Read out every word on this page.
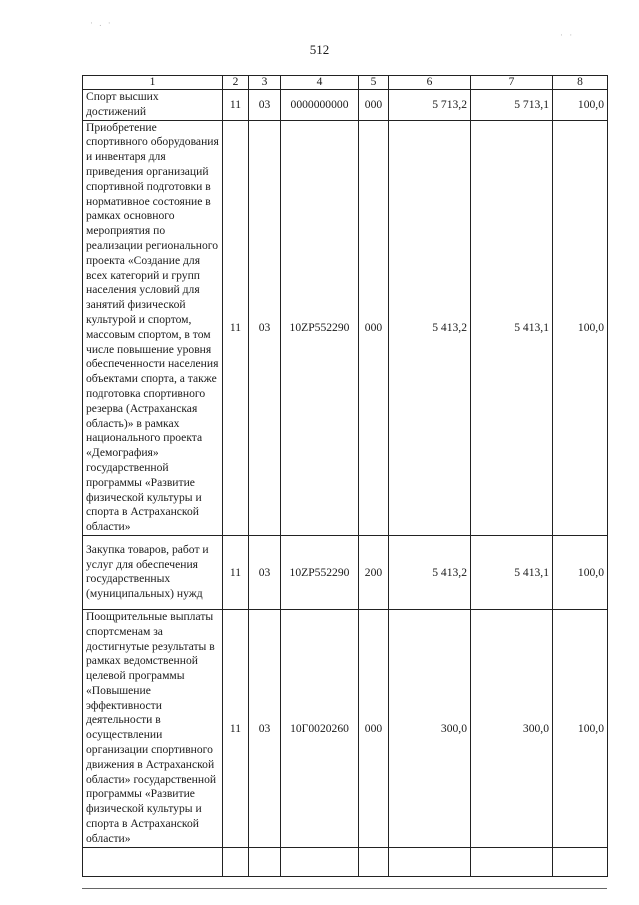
· . ·
· ·
512
1	2	3	4	5	6	7	8
Спорт высших достижений	11	03	0000000000	000	5 713,2	5 713,1	100,0
Приобретение спортивного оборудования и инвентаря для приведения организаций спортивной подготовки в нормативное состояние в рамках основного мероприятия по реализации регионального проекта «Создание для всех категорий и групп населения условий для занятий физической культурой и спортом, массовым спортом, в том числе повышение уровня обеспеченности населения объектами спорта, а также подготовка спортивного резерва (Астраханская область)» в рамках национального проекта «Демография» государственной программы «Развитие физической культуры и спорта в Астраханской области»	11	03	10ZP552290	000	5 413,2	5 413,1	100,0
Закупка товаров, работ и услуг для обеспечения государственных (муниципальных) нужд	11	03	10ZP552290	200	5 413,2	5 413,1	100,0
Поощрительные выплаты спортсменам за достигнутые результаты в рамках ведомственной целевой программы «Повышение эффективности деятельности в осуществлении организации спортивного движения в Астраханской области» государственной программы «Развитие физической культуры и спорта в Астраханской области»	11	03	10Г0020260	000	300,0	300,0	100,0
